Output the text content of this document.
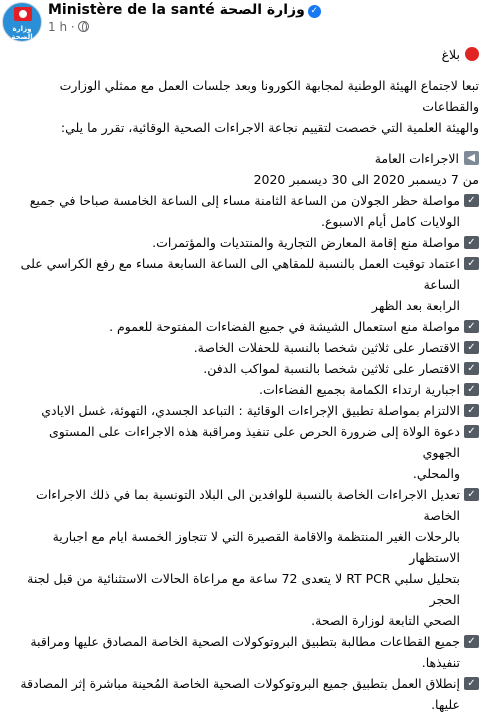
وزارة الصحة
Ministère de la santé وزارة الصحة ✓
1 h ·
بلاغ
تبعا لاجتماع الهيئة الوطنية لمجابهة الكورونا وبعد جلسات العمل مع ممثلي الوزارت والقطاعات
والهيئة العلمية التي خصصت لتقييم نجاعة الاجراءات الصحية الوقائية، تقرر ما يلي:
الاجراءات العامة
من 7 ديسمبر 2020 الى 30 ديسمبر 2020
✓
مواصلة حظر الجولان من الساعة الثامنة مساء إلى الساعة الخامسة صباحا في جميع
الولايات كامل أيام الاسبوع.
✓
مواصلة منع إقامة المعارض التجارية والمنتديات والمؤتمرات.
✓
اعتماد توقيت العمل بالنسبة للمقاهي الى الساعة السابعة مساء مع رفع الكراسي على الساعة
الرابعة بعد الظهر
✓
مواصلة منع استعمال الشيشة في جميع الفضاءات المفتوحة للعموم .
✓
الاقتصار على ثلاثين شخصا بالنسبة للحفلات الخاصة.
✓
الاقتصار على ثلاثين شخصا بالنسبة لمواكب الدفن.
✓
اجبارية ارتداء الكمامة بجميع الفضاءات.
✓
الالتزام بمواصلة تطبيق الإجراءات الوقائية : التباعد الجسدي، التهوئة، غسل الايادي
✓
دعوة الولاة إلى ضرورة الحرص على تنفيذ ومراقبة هذه الاجراءات على المستوى الجهوي
والمحلي.
✓
تعديل الاجراءات الخاصة بالنسبة للوافدين الى البلاد التونسية بما في ذلك الاجراءات الخاصة
بالرحلات الغير المنتظمة والاقامة القصيرة التي لا تتجاوز الخمسة ايام مع اجبارية الاستظهار
بتحليل سلبي RT PCR لا يتعدى 72 ساعة مع مراعاة الحالات الاستثنائية من قبل لجنة الحجر
الصحي التابعة لوزارة الصحة.
✓
جميع القطاعات مطالبة بتطبيق البروتوكولات الصحية الخاصة المصادق عليها ومراقبة
تنفيذها.
✓
إنطلاق العمل بتطبيق جميع البروتوكولات الصحية الخاصة المُحينة مباشرة إثر المصادقة
عليها.
